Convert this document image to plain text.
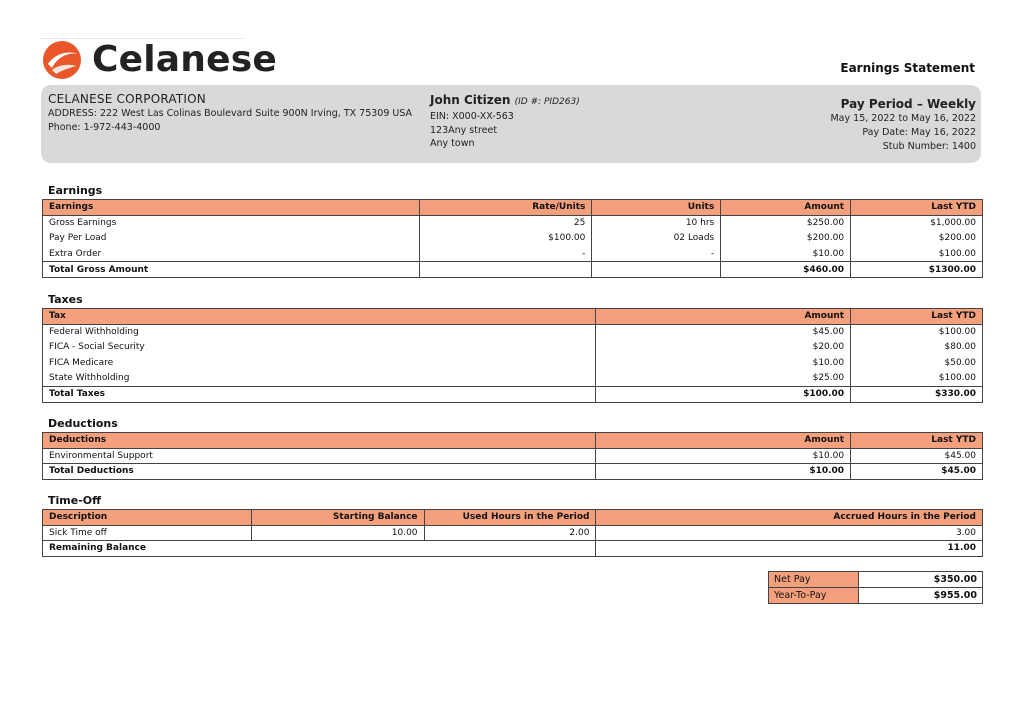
Celanese	Earnings Statement
CELANESE CORPORATION
ADDRESS: 222 West Las Colinas Boulevard Suite 900N Irving, TX 75309 USA
Phone: 1-972-443-4000
John Citizen (ID #: PID263)
EIN: X000-XX-563
123Any street
Any town
Pay Period – Weekly
May 15, 2022 to May 16, 2022
Pay Date: May 16, 2022
Stub Number: 1400
Earnings
Earnings	Rate/Units	Units	Amount	Last YTD
Gross Earnings	25	10 hrs	$250.00	$1,000.00
Pay Per Load	$100.00	02 Loads	$200.00	$200.00
Extra Order	-	-	$10.00	$100.00
Total Gross Amount			$460.00	$1300.00
Taxes
Tax	Amount	Last YTD
Federal Withholding	$45.00	$100.00
FICA - Social Security	$20.00	$80.00
FICA Medicare	$10.00	$50.00
State Withholding	$25.00	$100.00
Total Taxes	$100.00	$330.00
Deductions
Deductions	Amount	Last YTD
Environmental Support	$10.00	$45.00
Total Deductions	$10.00	$45.00
Time-Off
Description	Starting Balance	Used Hours in the Period	Accrued Hours in the Period
Sick Time off	10.00	2.00	3.00
Remaining Balance			11.00
Net Pay	$350.00
Year-To-Pay	$955.00
